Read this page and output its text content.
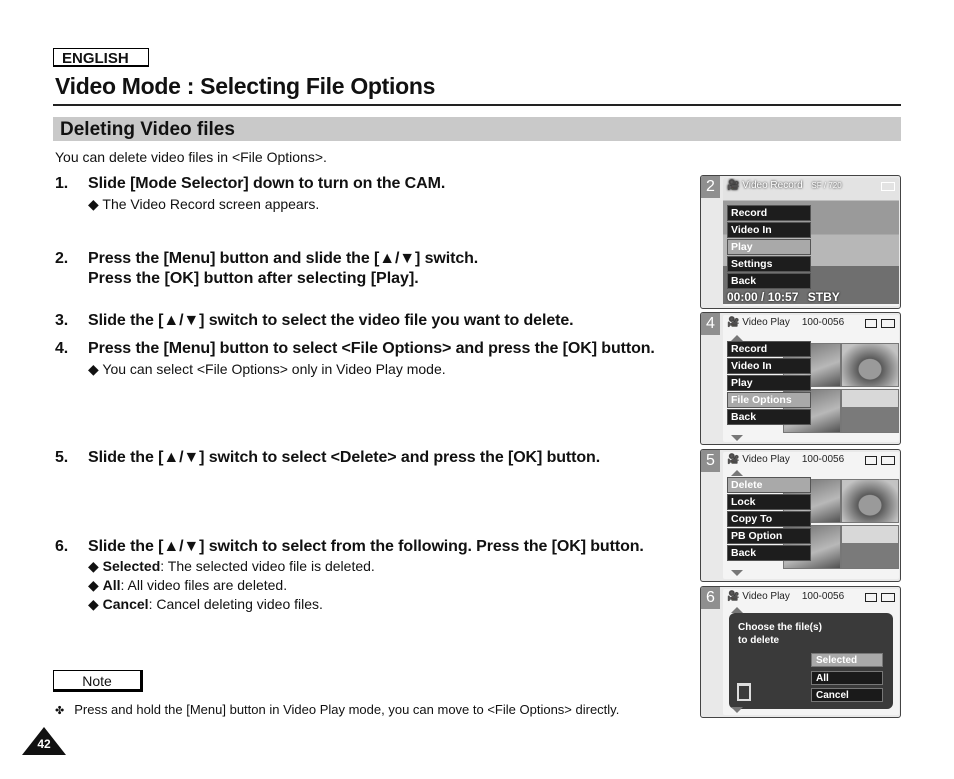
ENGLISH
Video Mode : Selecting File Options
Deleting Video files
You can delete video files in <File Options>.
1. Slide [Mode Selector] down to turn on the CAM.
◆ The Video Record screen appears.
2. Press the [Menu] button and slide the [▲/▼] switch.
Press the [OK] button after selecting [Play].
3. Slide the [▲/▼] switch to select the video file you want to delete.
4. Press the [Menu] button to select <File Options> and press the [OK] button.
◆ You can select <File Options> only in Video Play mode.
5. Slide the [▲/▼] switch to select <Delete> and press the [OK] button.
6. Slide the [▲/▼] switch to select from the following. Press the [OK] button.
◆ Selected: The selected video file is deleted.
◆ All: All video files are deleted.
◆ Cancel: Cancel deleting video files.
Note
✤ Press and hold the [Menu] button in Video Play mode, you can move to <File Options> directly.
42
2	🎥 Video Record SF / 720
Record
Video In
Play
Settings
Back
00:00 / 10:57 STBY
4	🎥 Video Play 100-0056
Record
Video In
Play
File Options
Back
5	🎥 Video Play 100-0056
Delete
Lock
Copy To
PB Option
Back
6	🎥 Video Play 100-0056
Choose the file(s)
to delete
Selected
All
Cancel
